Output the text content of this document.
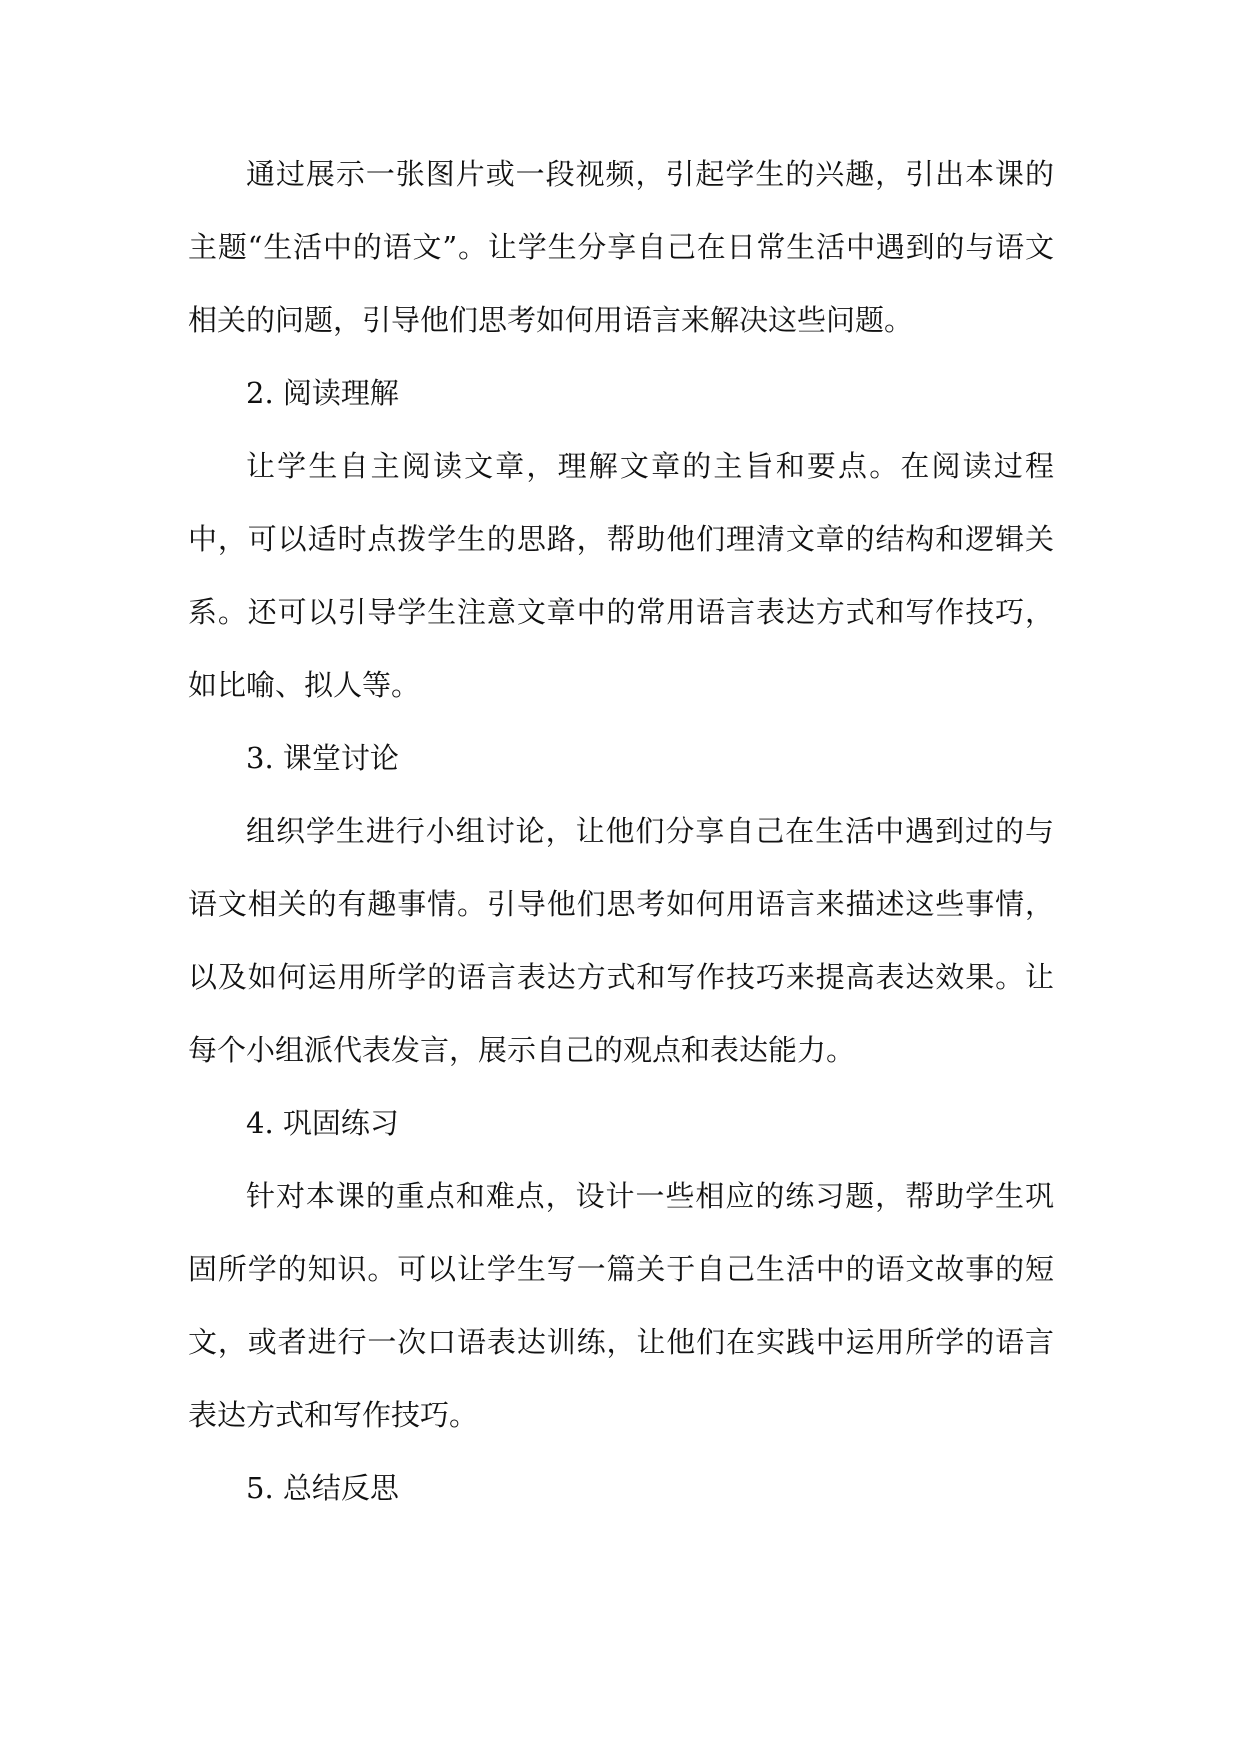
通过展示一张图片或一段视频，引起学生的兴趣，引出本课的主题“生活中的语文”。让学生分享自己在日常生活中遇到的与语文相关的问题，引导他们思考如何用语言来解决这些问题。

2. 阅读理解

让学生自主阅读文章，理解文章的主旨和要点。在阅读过程中，可以适时点拨学生的思路，帮助他们理清文章的结构和逻辑关系。还可以引导学生注意文章中的常用语言表达方式和写作技巧，如比喻、拟人等。

3. 课堂讨论

组织学生进行小组讨论，让他们分享自己在生活中遇到过的与语文相关的有趣事情。引导他们思考如何用语言来描述这些事情，以及如何运用所学的语言表达方式和写作技巧来提高表达效果。让每个小组派代表发言，展示自己的观点和表达能力。

4. 巩固练习

针对本课的重点和难点，设计一些相应的练习题，帮助学生巩固所学的知识。可以让学生写一篇关于自己生活中的语文故事的短文，或者进行一次口语表达训练，让他们在实践中运用所学的语言表达方式和写作技巧。

5. 总结反思
